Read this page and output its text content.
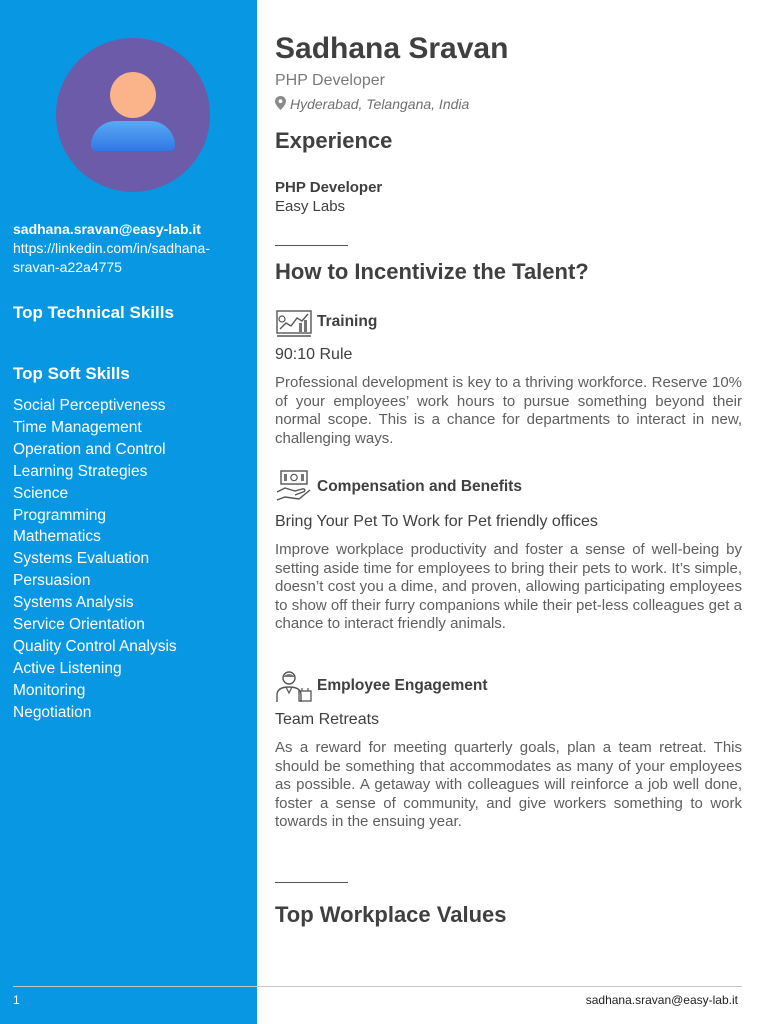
sadhana.sravan@easy-lab.it
https://linkedin.com/in/sadhana-
sravan-a22a4775
Top Technical Skills
Top Soft Skills
Social Perceptiveness
Time Management
Operation and Control
Learning Strategies
Science
Programming
Mathematics
Systems Evaluation
Persuasion
Systems Analysis
Service Orientation
Quality Control Analysis
Active Listening
Monitoring
Negotiation
Sadhana Sravan
PHP Developer
Hyderabad, Telangana, India
Experience
PHP Developer
Easy Labs
How to Incentivize the Talent?
Training
90:10 Rule

Professional development is key to a thriving workforce. Reserve 10% of your employees’ work hours to pursue something beyond their normal scope. This is a chance for departments to interact in new, challenging ways.

Compensation and Benefits
Bring Your Pet To Work for Pet friendly offices

Improve workplace productivity and foster a sense of well-being by setting aside time for employees to bring their pets to work. It’s simple, doesn’t cost you a dime, and proven, allowing participating employees to show off their furry companions while their pet-less colleagues get a chance to interact friendly animals.

Employee Engagement
Team Retreats

As a reward for meeting quarterly goals, plan a team retreat. This should be something that accommodates as many of your employees as possible. A getaway with colleagues will reinforce a job well done, foster a sense of community, and give workers something to work towards in the ensuing year.

Top Workplace Values
1	sadhana.sravan@easy-lab.it
